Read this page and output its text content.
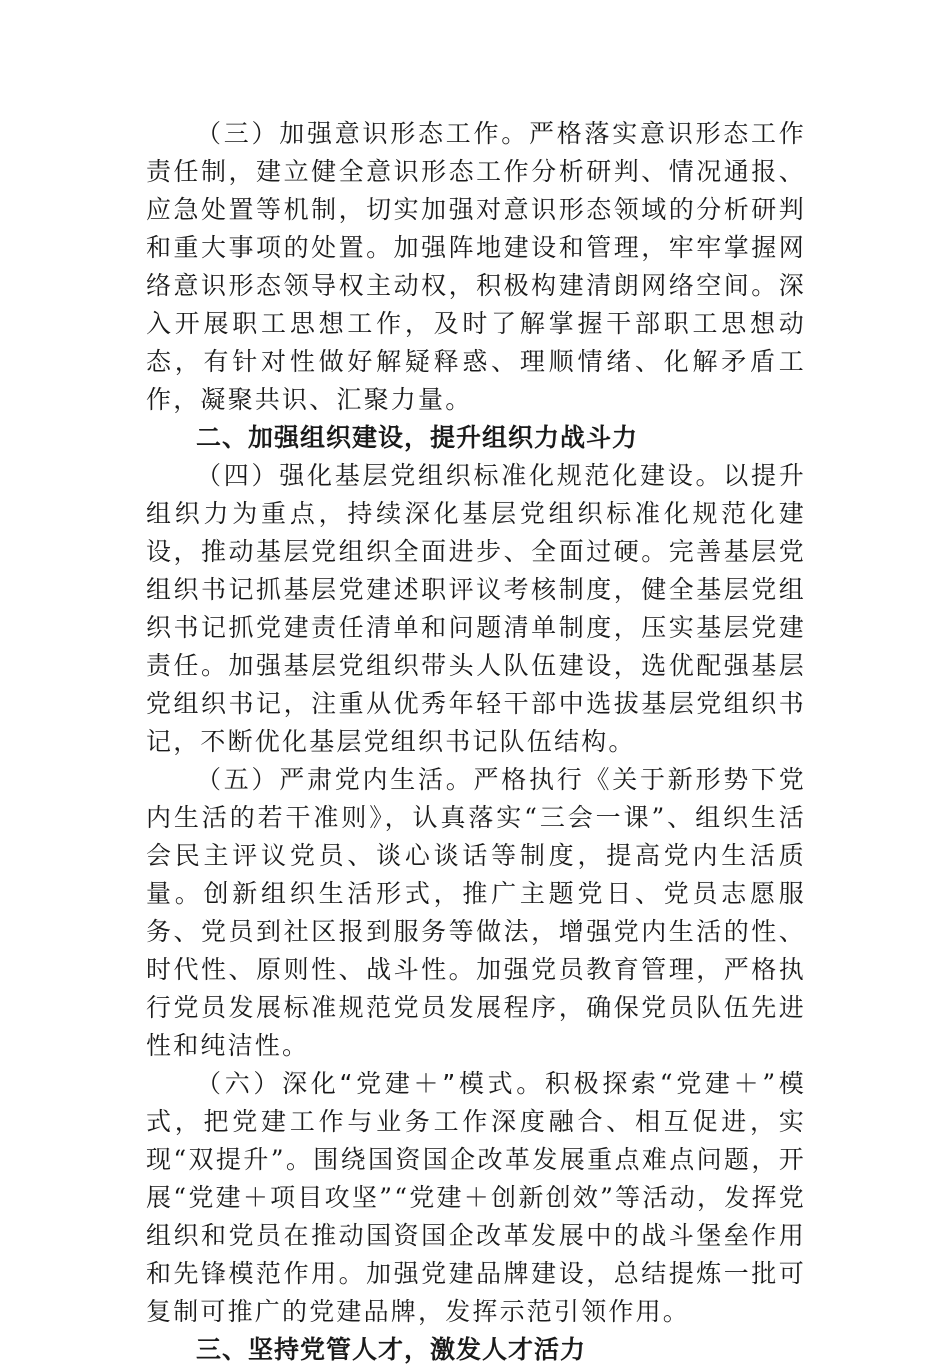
（三）加强意识形态工作。严格落实意识形态工作责任制，建立健全意识形态工作分析研判、情况通报、应急处置等机制，切实加强对意识形态领域的分析研判和重大事项的处置。加强阵地建设和管理，牢牢掌握网络意识形态领导权主动权，积极构建清朗网络空间。深入开展职工思想工作，及时了解掌握干部职工思想动态，有针对性做好解疑释惑、理顺情绪、化解矛盾工作，凝聚共识、汇聚力量。

二、加强组织建设，提升组织力战斗力

（四）强化基层党组织标准化规范化建设。以提升组织力为重点，持续深化基层党组织标准化规范化建设，推动基层党组织全面进步、全面过硬。完善基层党组织书记抓基层党建述职评议考核制度，健全基层党组织书记抓党建责任清单和问题清单制度，压实基层党建责任。加强基层党组织带头人队伍建设，选优配强基层党组织书记，注重从优秀年轻干部中选拔基层党组织书记，不断优化基层党组织书记队伍结构。

（五）严肃党内生活。严格执行《关于新形势下党内生活的若干准则》，认真落实“三会一课”、组织生活会民主评议党员、谈心谈话等制度，提高党内生活质量。创新组织生活形式，推广主题党日、党员志愿服务、党员到社区报到服务等做法，增强党内生活的性、时代性、原则性、战斗性。加强党员教育管理，严格执行党员发展标准规范党员发展程序，确保党员队伍先进性和纯洁性。

（六）深化“党建＋”模式。积极探索“党建＋”模式，把党建工作与业务工作深度融合、相互促进，实现“双提升”。围绕国资国企改革发展重点难点问题，开展“党建＋项目攻坚”“党建＋创新创效”等活动，发挥党组织和党员在推动国资国企改革发展中的战斗堡垒作用和先锋模范作用。加强党建品牌建设，总结提炼一批可复制可推广的党建品牌，发挥示范引领作用。

三、坚持党管人才，激发人才活力
